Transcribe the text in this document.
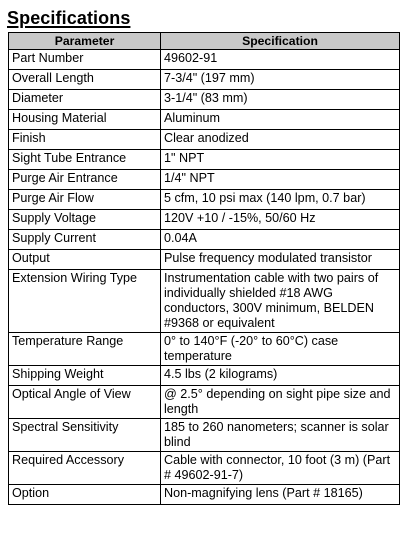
Specifications
Parameter	Specification
Part Number	49602-91
Overall Length	7-3/4" (197 mm)
Diameter	3-1/4" (83 mm)
Housing Material	Aluminum
Finish	Clear anodized
Sight Tube Entrance	1" NPT
Purge Air Entrance	1/4" NPT
Purge Air Flow	5 cfm, 10 psi max (140 lpm, 0.7 bar)
Supply Voltage	120V +10 / -15%, 50/60 Hz
Supply Current	0.04A
Output	Pulse frequency modulated transistor
Extension Wiring Type	Instrumentation cable with two pairs of individually shielded #18 AWG conductors, 300V minimum, BELDEN #9368 or equivalent
Temperature Range	0° to 140°F (-20° to 60°C) case temperature
Shipping Weight	4.5 lbs (2 kilograms)
Optical Angle of View	@ 2.5° depending on sight pipe size and length
Spectral Sensitivity	185 to 260 nanometers; scanner is solar blind
Required Accessory	Cable with connector, 10 foot (3 m) (Part # 49602-91-7)
Option	Non-magnifying lens (Part # 18165)
